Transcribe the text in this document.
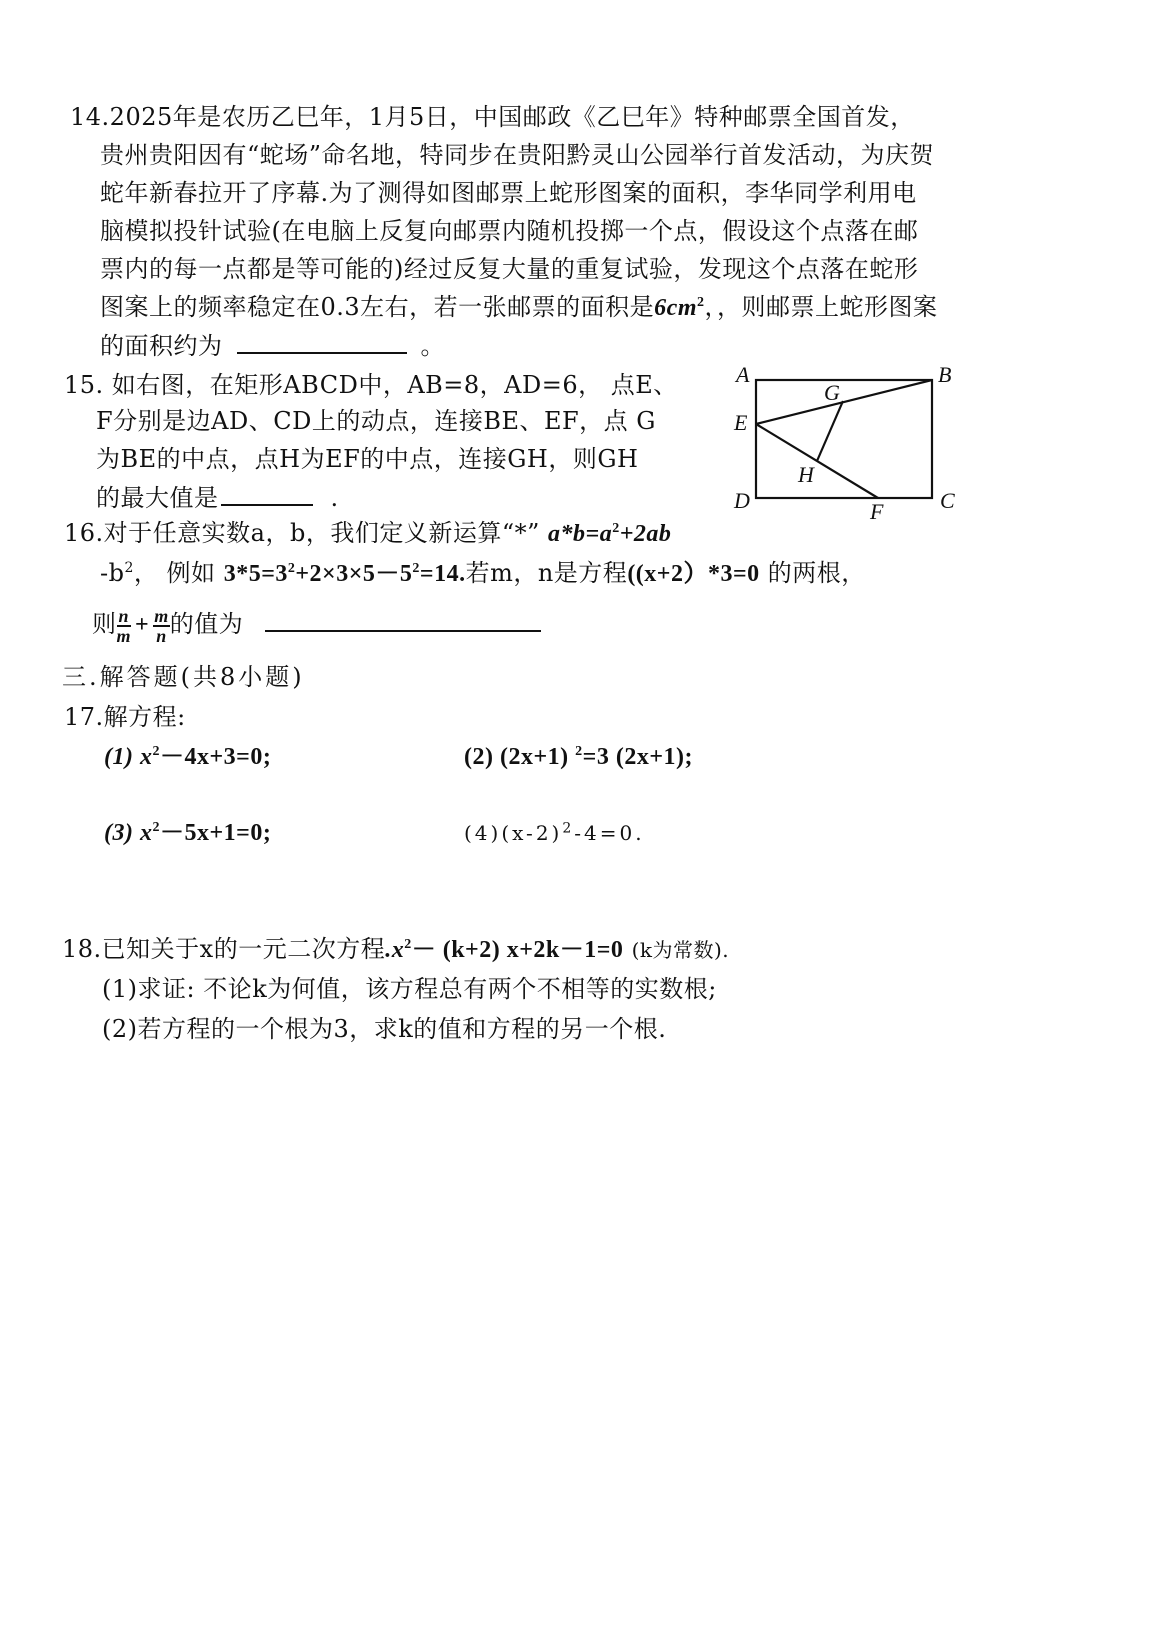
14.2025年是农历乙巳年，1月5日，中国邮政《乙巳年》特种邮票全国首发，
贵州贵阳因有“蛇场”命名地，特同步在贵阳黔灵山公园举行首发活动，为庆贺
蛇年新春拉开了序幕.为了测得如图邮票上蛇形图案的面积，李华同学利用电
脑模拟投针试验(在电脑上反复向邮票内随机投掷一个点，假设这个点落在邮
票内的每一点都是等可能的)经过反复大量的重复试验，发现这个点落在蛇形
图案上的频率稳定在0.3左右，若一张邮票的面积是$6cm^2$，，则邮票上蛇形图案
的面积约为	。
15. 如右图，在矩形ABCD中，AB=8，AD=6， 点E、
F分别是边AD、CD上的动点，连接BE、EF，点 G
为BE的中点，点H为EF的中点，连接GH，则GH
的最大值是	.
A	B
C
D
E
F
G
H
16.对于任意实数a，b，我们定义新运算“*” $a*b=a^2+2ab$
$-b^2$， 例如 $3*5=3^2+2\times 3\times 5-5^2=14$.若m，n是方程((x+2）*3=0 的两根，
则 $\frac{n}{m} + \frac{m}{n}$ 的值为
三.解答题(共8小题)
17.解方程:
(1) $x^2-4x+3=0$;	(2) (2x+1) $^2$=3 (2x+1);
(3) $x^2-5x+1=0$;	$(4)(x-2)^2-4=0$.
18.已知关于x的一元二次方程$.x^2- (k+2)$ x+2k－1=0 (k为常数).
(1)求证: 不论k为何值，该方程总有两个不相等的实数根;
(2)若方程的一个根为3，求k的值和方程的另一个根.
